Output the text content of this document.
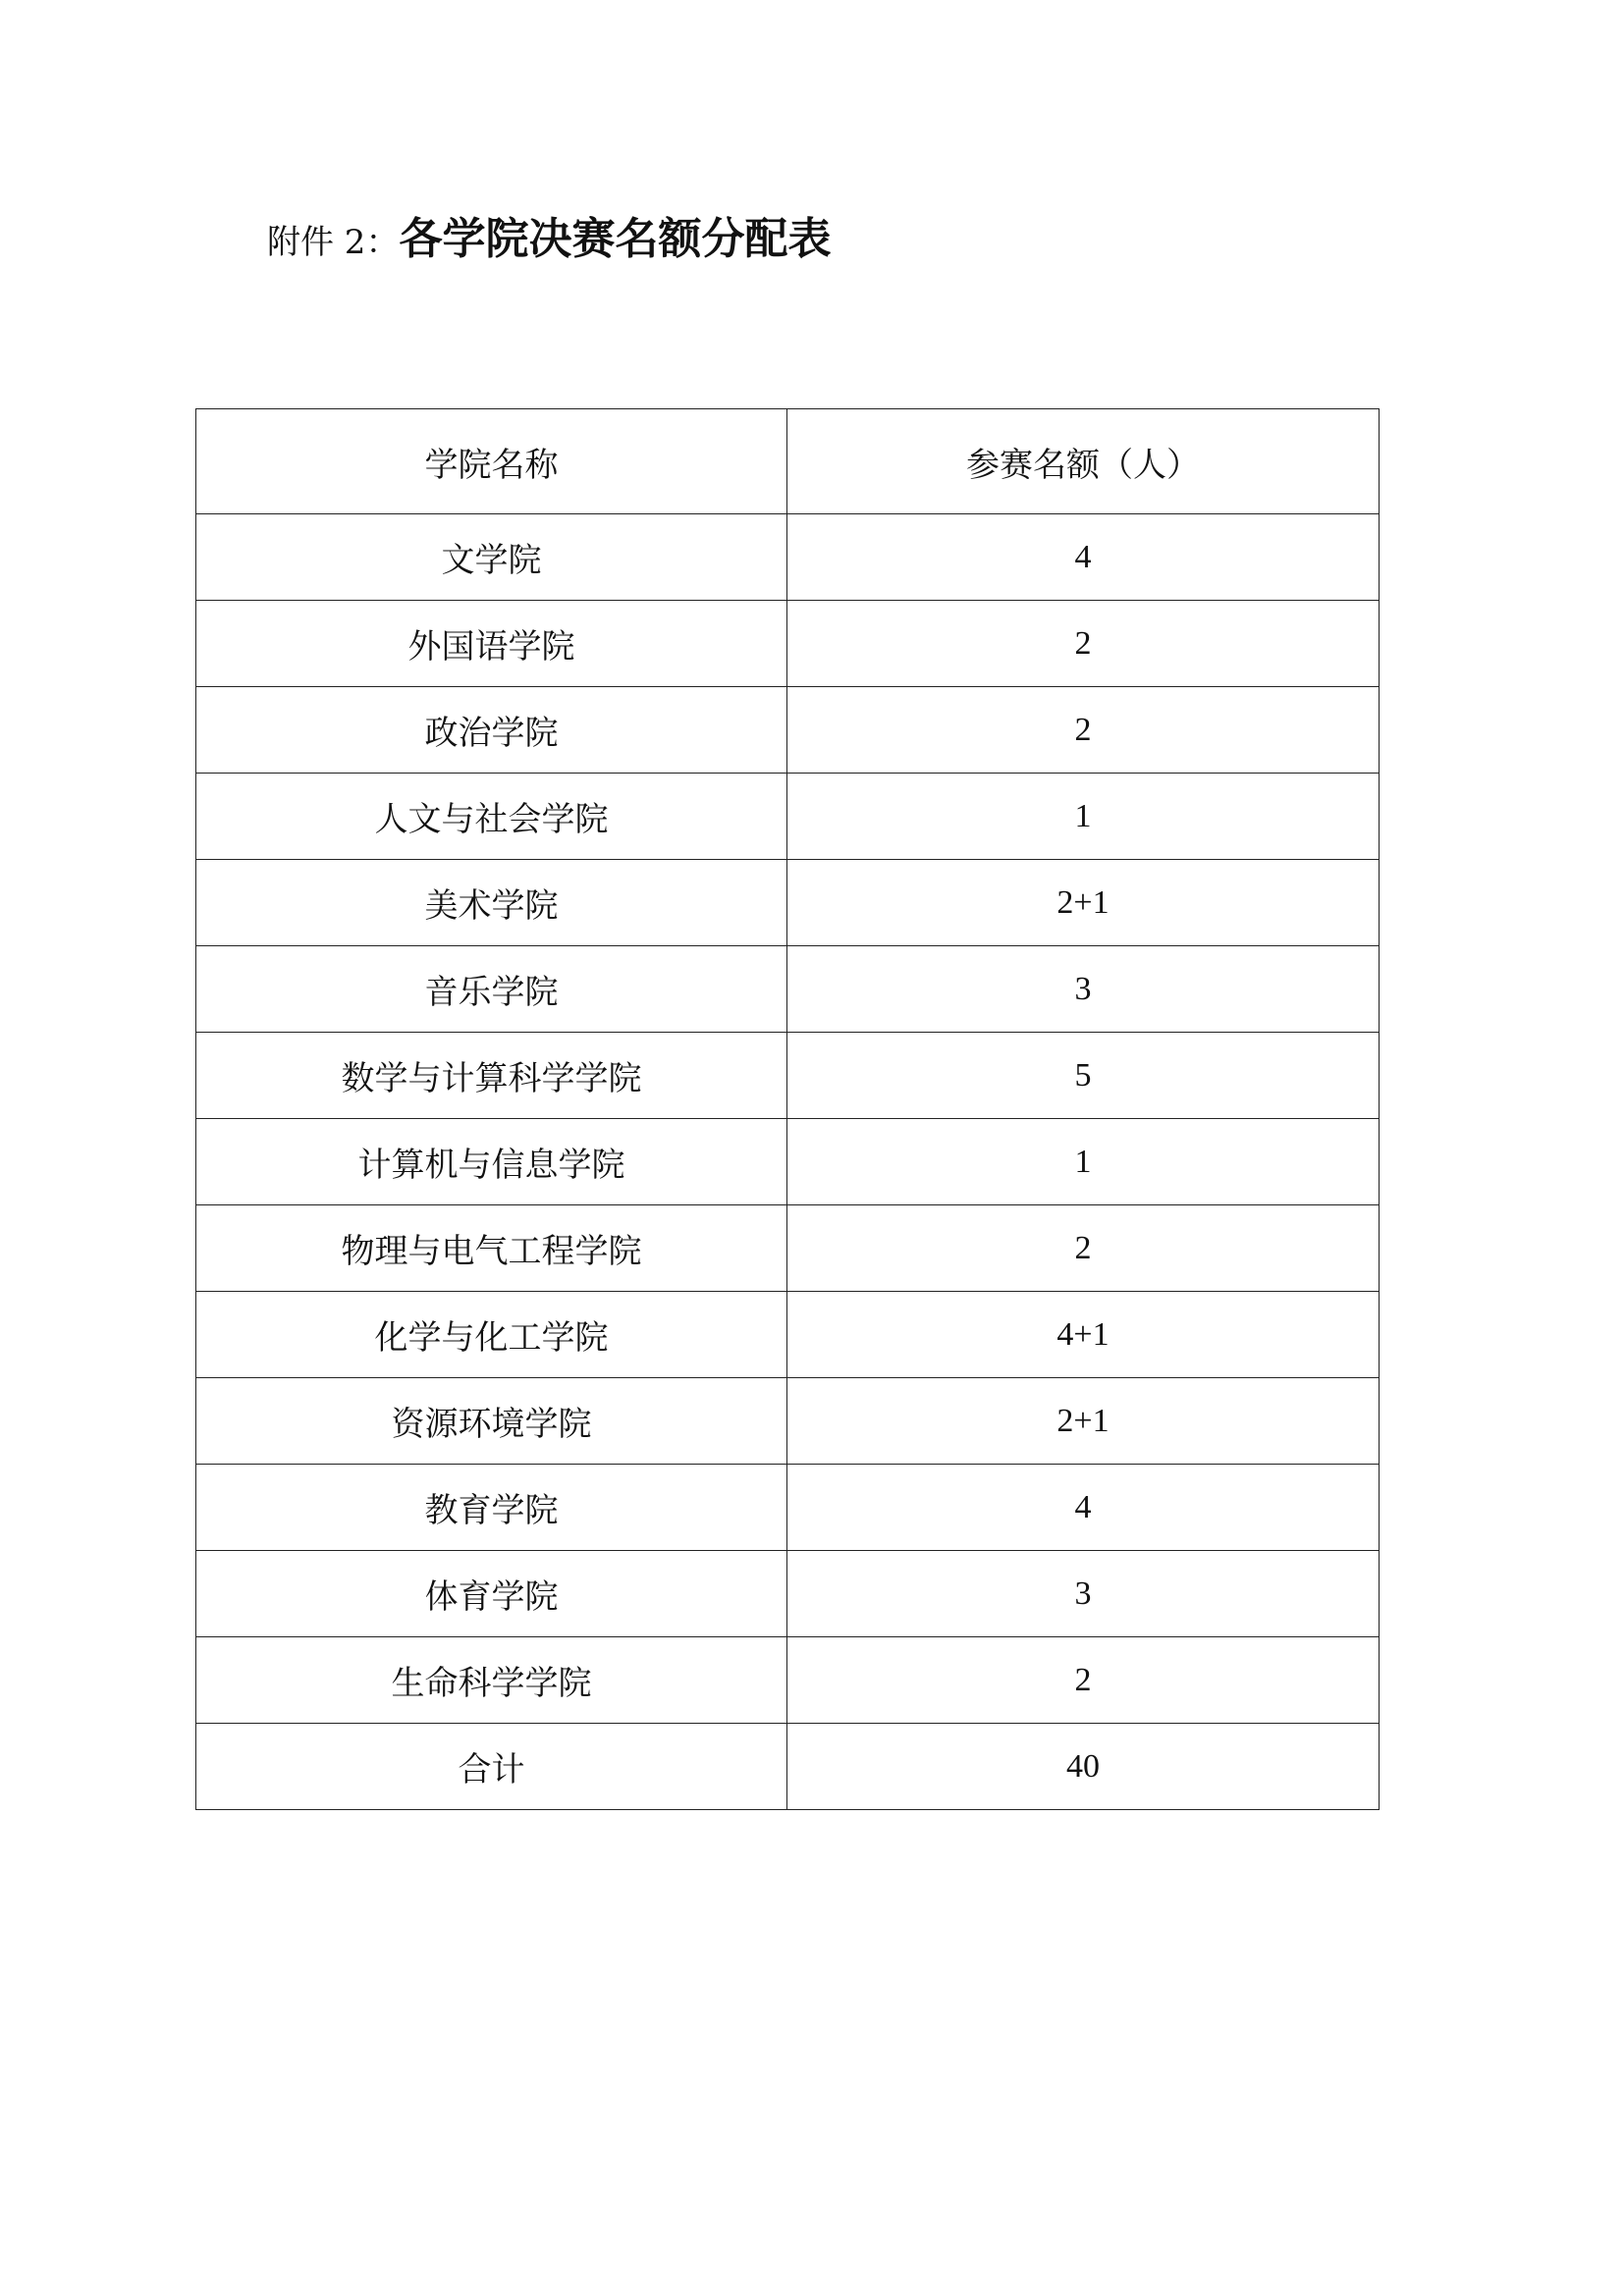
附件 2：各学院决赛名额分配表
学院名称	参赛名额（人）
文学院	4
外国语学院	2
政治学院	2
人文与社会学院	1
美术学院	2+1
音乐学院	3
数学与计算科学学院	5
计算机与信息学院	1
物理与电气工程学院	2
化学与化工学院	4+1
资源环境学院	2+1
教育学院	4
体育学院	3
生命科学学院	2
合计	40
